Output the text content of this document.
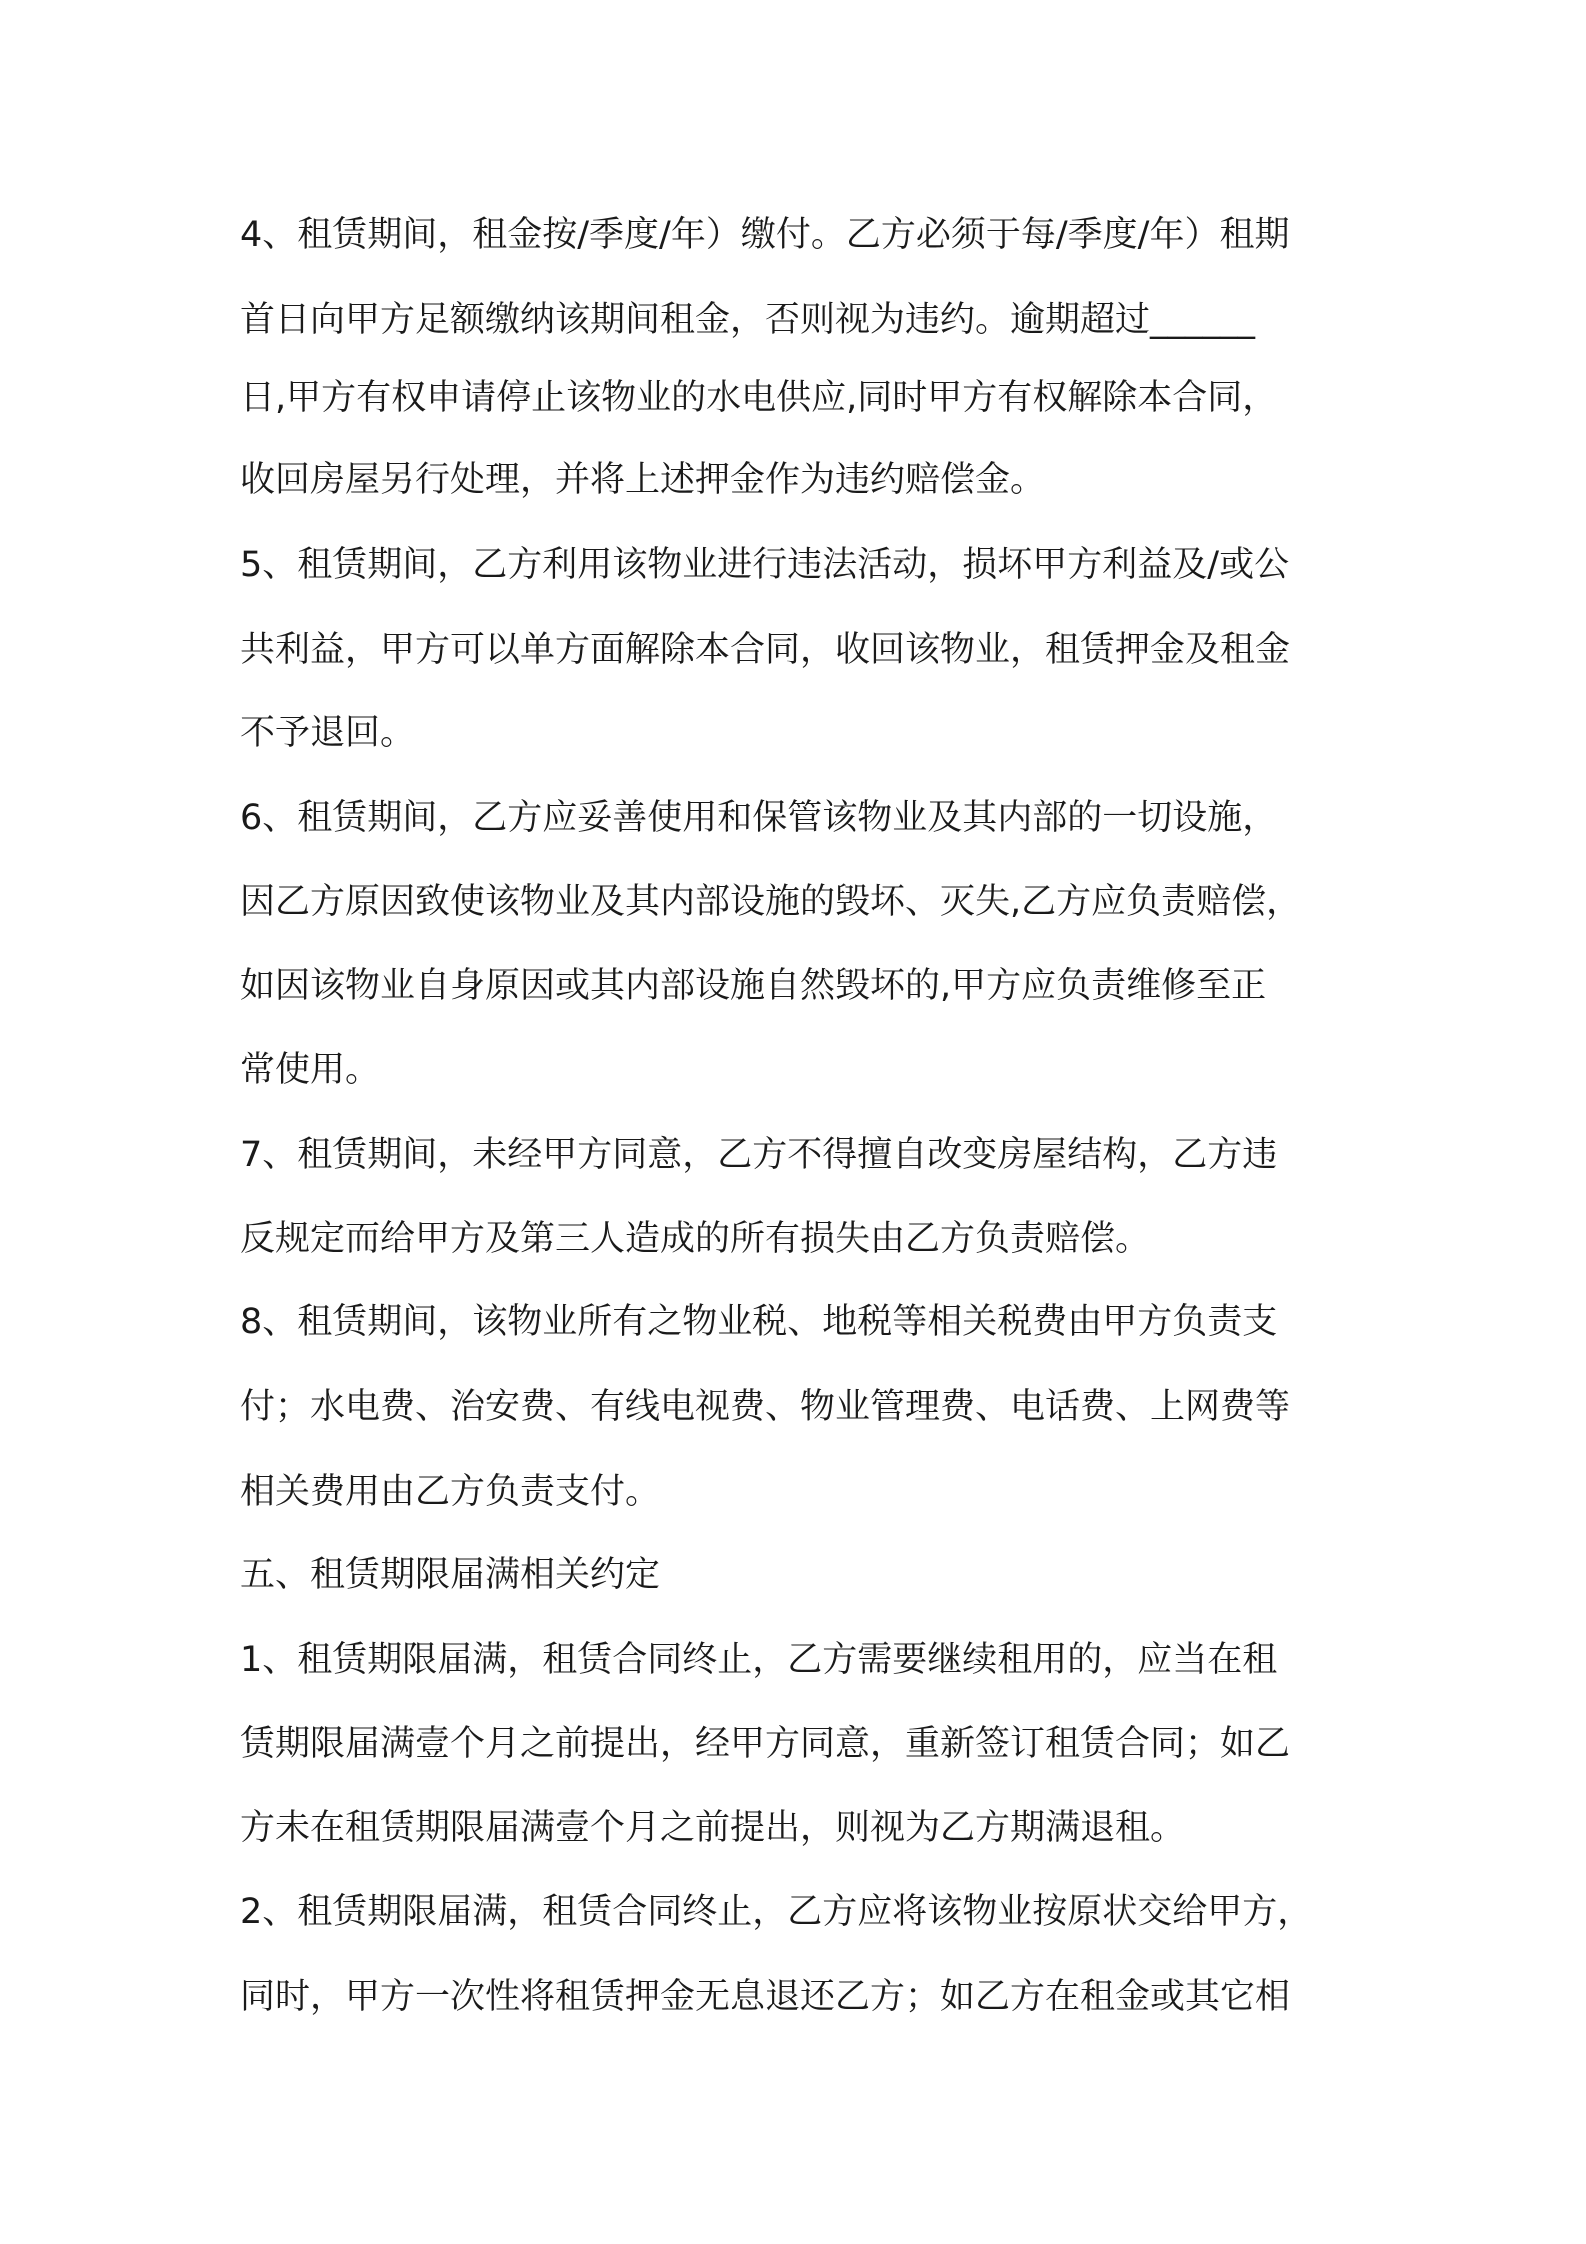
4、租赁期间，租金按/季度/年）缴付。乙方必须于每/季度/年）租期

首日向甲方足额缴纳该期间租金，否则视为违约。逾期超过______

日,甲方有权申请停止该物业的水电供应,同时甲方有权解除本合同，

收回房屋另行处理，并将上述押金作为违约赔偿金。

5、租赁期间，乙方利用该物业进行违法活动，损坏甲方利益及/或公

共利益，甲方可以单方面解除本合同，收回该物业，租赁押金及租金

不予退回。

6、租赁期间，乙方应妥善使用和保管该物业及其内部的一切设施，

因乙方原因致使该物业及其内部设施的毁坏、灭失,乙方应负责赔偿，

如因该物业自身原因或其内部设施自然毁坏的,甲方应负责维修至正

常使用。

7、租赁期间，未经甲方同意，乙方不得擅自改变房屋结构，乙方违

反规定而给甲方及第三人造成的所有损失由乙方负责赔偿。

8、租赁期间，该物业所有之物业税、地税等相关税费由甲方负责支

付；水电费、治安费、有线电视费、物业管理费、电话费、上网费等

相关费用由乙方负责支付。

五、租赁期限届满相关约定

1、租赁期限届满，租赁合同终止，乙方需要继续租用的，应当在租

赁期限届满壹个月之前提出，经甲方同意，重新签订租赁合同；如乙

方未在租赁期限届满壹个月之前提出，则视为乙方期满退租。

2、租赁期限届满，租赁合同终止，乙方应将该物业按原状交给甲方，

同时，甲方一次性将租赁押金无息退还乙方；如乙方在租金或其它相
